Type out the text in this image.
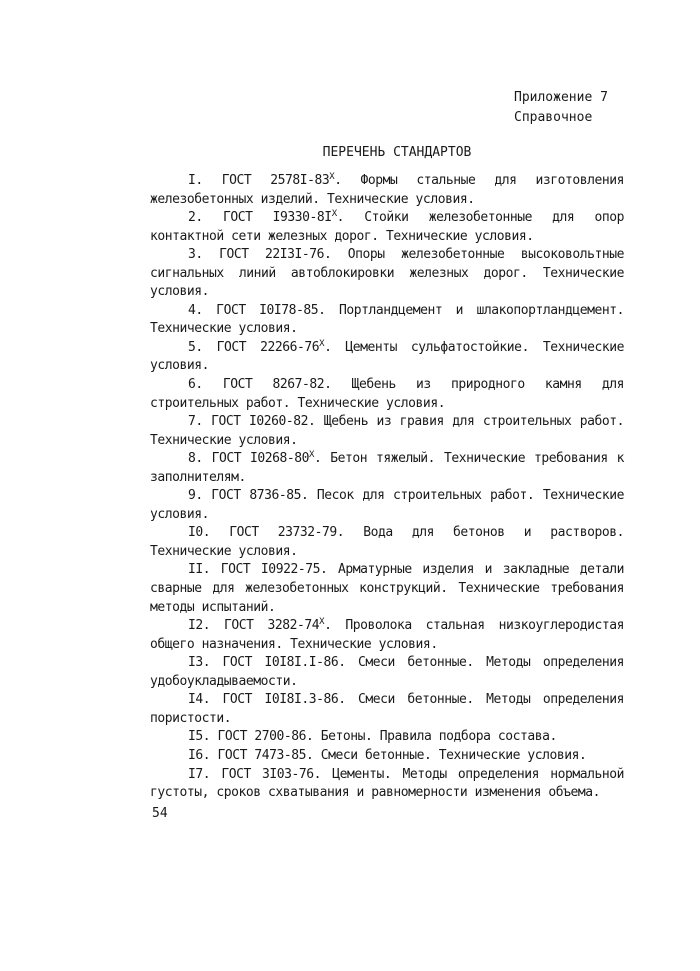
Приложение 7
Справочное
ПЕРЕЧЕНЬ СТАНДАРТОВ
I. ГОСТ $2578I-83^X$. Формы стальные для изготовления железобетонных изделий. Технические условия.
2. ГОСТ $I9330-8I^X$. Стойки железобетонные для опор контактной сети железных дорог. Технические условия.
3. ГОСТ 22I3I-76. Опоры железобетонные высоковольтные сигнальных линий автоблокировки железных дорог. Технические условия.
4. ГОСТ I0I78-85. Портландцемент и шлакопортландцемент. Технические условия.
5. ГОСТ $22266-76^X$. Цементы сульфатостойкие. Технические условия.
6. ГОСТ 8267-82. Щебень из природного камня для строительных работ. Технические условия.
7. ГОСТ I0260-82. Щебень из гравия для строительных работ. Технические условия.
8. ГОСТ $I0268-80^X$. Бетон тяжелый. Технические требования к заполнителям.
9. ГОСТ 8736-85. Песок для строительных работ. Технические условия.
I0. ГОСТ 23732-79. Вода для бетонов и растворов. Технические условия.
II. ГОСТ I0922-75. Арматурные изделия и закладные детали сварные для железобетонных конструкций. Технические требования методы испытаний.
I2. ГОСТ $3282-74^X$. Проволока стальная низкоуглеродистая общего назначения. Технические условия.
I3. ГОСТ I0I8I.I-86. Смеси бетонные. Методы определения удобоукладываемости.
I4. ГОСТ I0I8I.3-86. Смеси бетонные. Методы определения пористости.
I5. ГОСТ 2700-86. Бетоны. Правила подбора состава.
I6. ГОСТ 7473-85. Смеси бетонные. Технические условия.
I7. ГОСТ 3I03-76. Цементы. Методы определения нормальной густоты, сроков схватывания и равномерности изменения объема.
54
